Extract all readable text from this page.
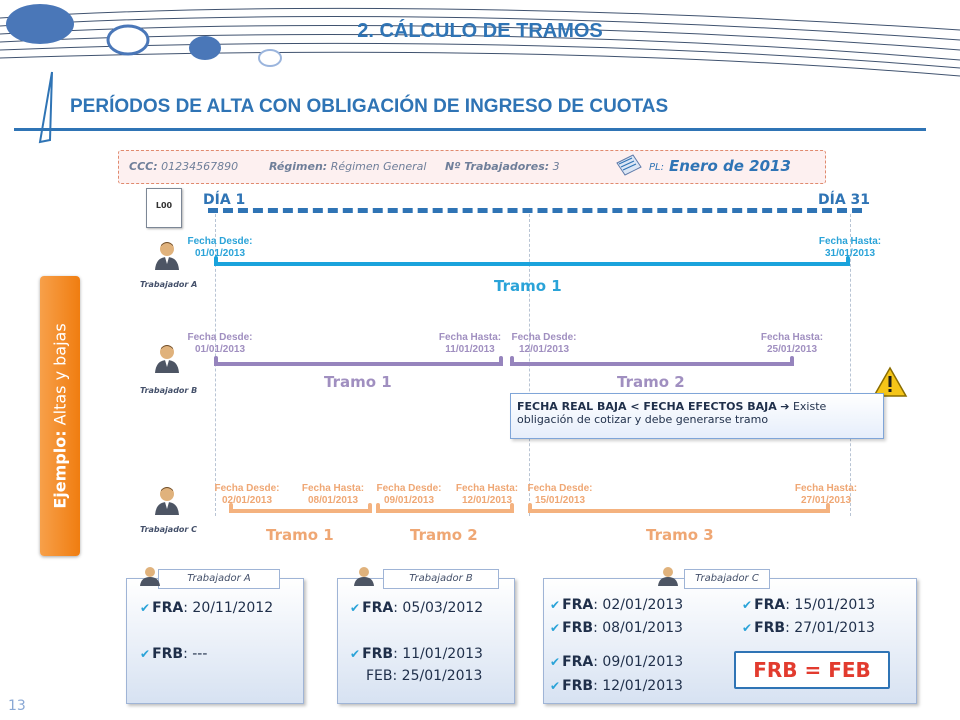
2. CÁLCULO DE TRAMOS
PERÍODOS DE ALTA CON OBLIGACIÓN DE INGRESO DE CUOTAS
CCC: 01234567890	Régimen: Régimen General Nº Trabajadores: 3	PL: Enero de 2013
L00	DÍA 1	DÍA 31
Ejemplo: Altas y bajas
Trabajador A
Fecha Desde:
01/01/2013
Fecha Hasta:
31/01/2013
Tramo 1
Trabajador B
Fecha Desde:
01/01/2013
Fecha Hasta:
11/01/2013
Fecha Desde:
12/01/2013
Fecha Hasta:
25/01/2013
Tramo 1	Tramo 2
Trabajador C
Fecha Desde:
02/01/2013
Fecha Hasta:
08/01/2013
Fecha Desde:
09/01/2013
Fecha Hasta:
12/01/2013
Fecha Desde:
15/01/2013
Fecha Hasta:
27/01/2013
Tramo 1	Tramo 2	Tramo 3
FECHA REAL BAJA < FECHA EFECTOS BAJA ➔ Existe obligación de cotizar y debe generarse tramo
Trabajador A
✔ FRA: 20/11/2012
✔ FRB: ---
Trabajador B
✔ FRA: 05/03/2012
✔ FRB: 11/01/2013
FEB: 25/01/2013
Trabajador C
✔ FRA: 02/01/2013
✔ FRB: 08/01/2013
✔ FRA: 09/01/2013
✔ FRB: 12/01/2013
✔ FRA: 15/01/2013
✔ FRB: 27/01/2013
FRB = FEB
13
